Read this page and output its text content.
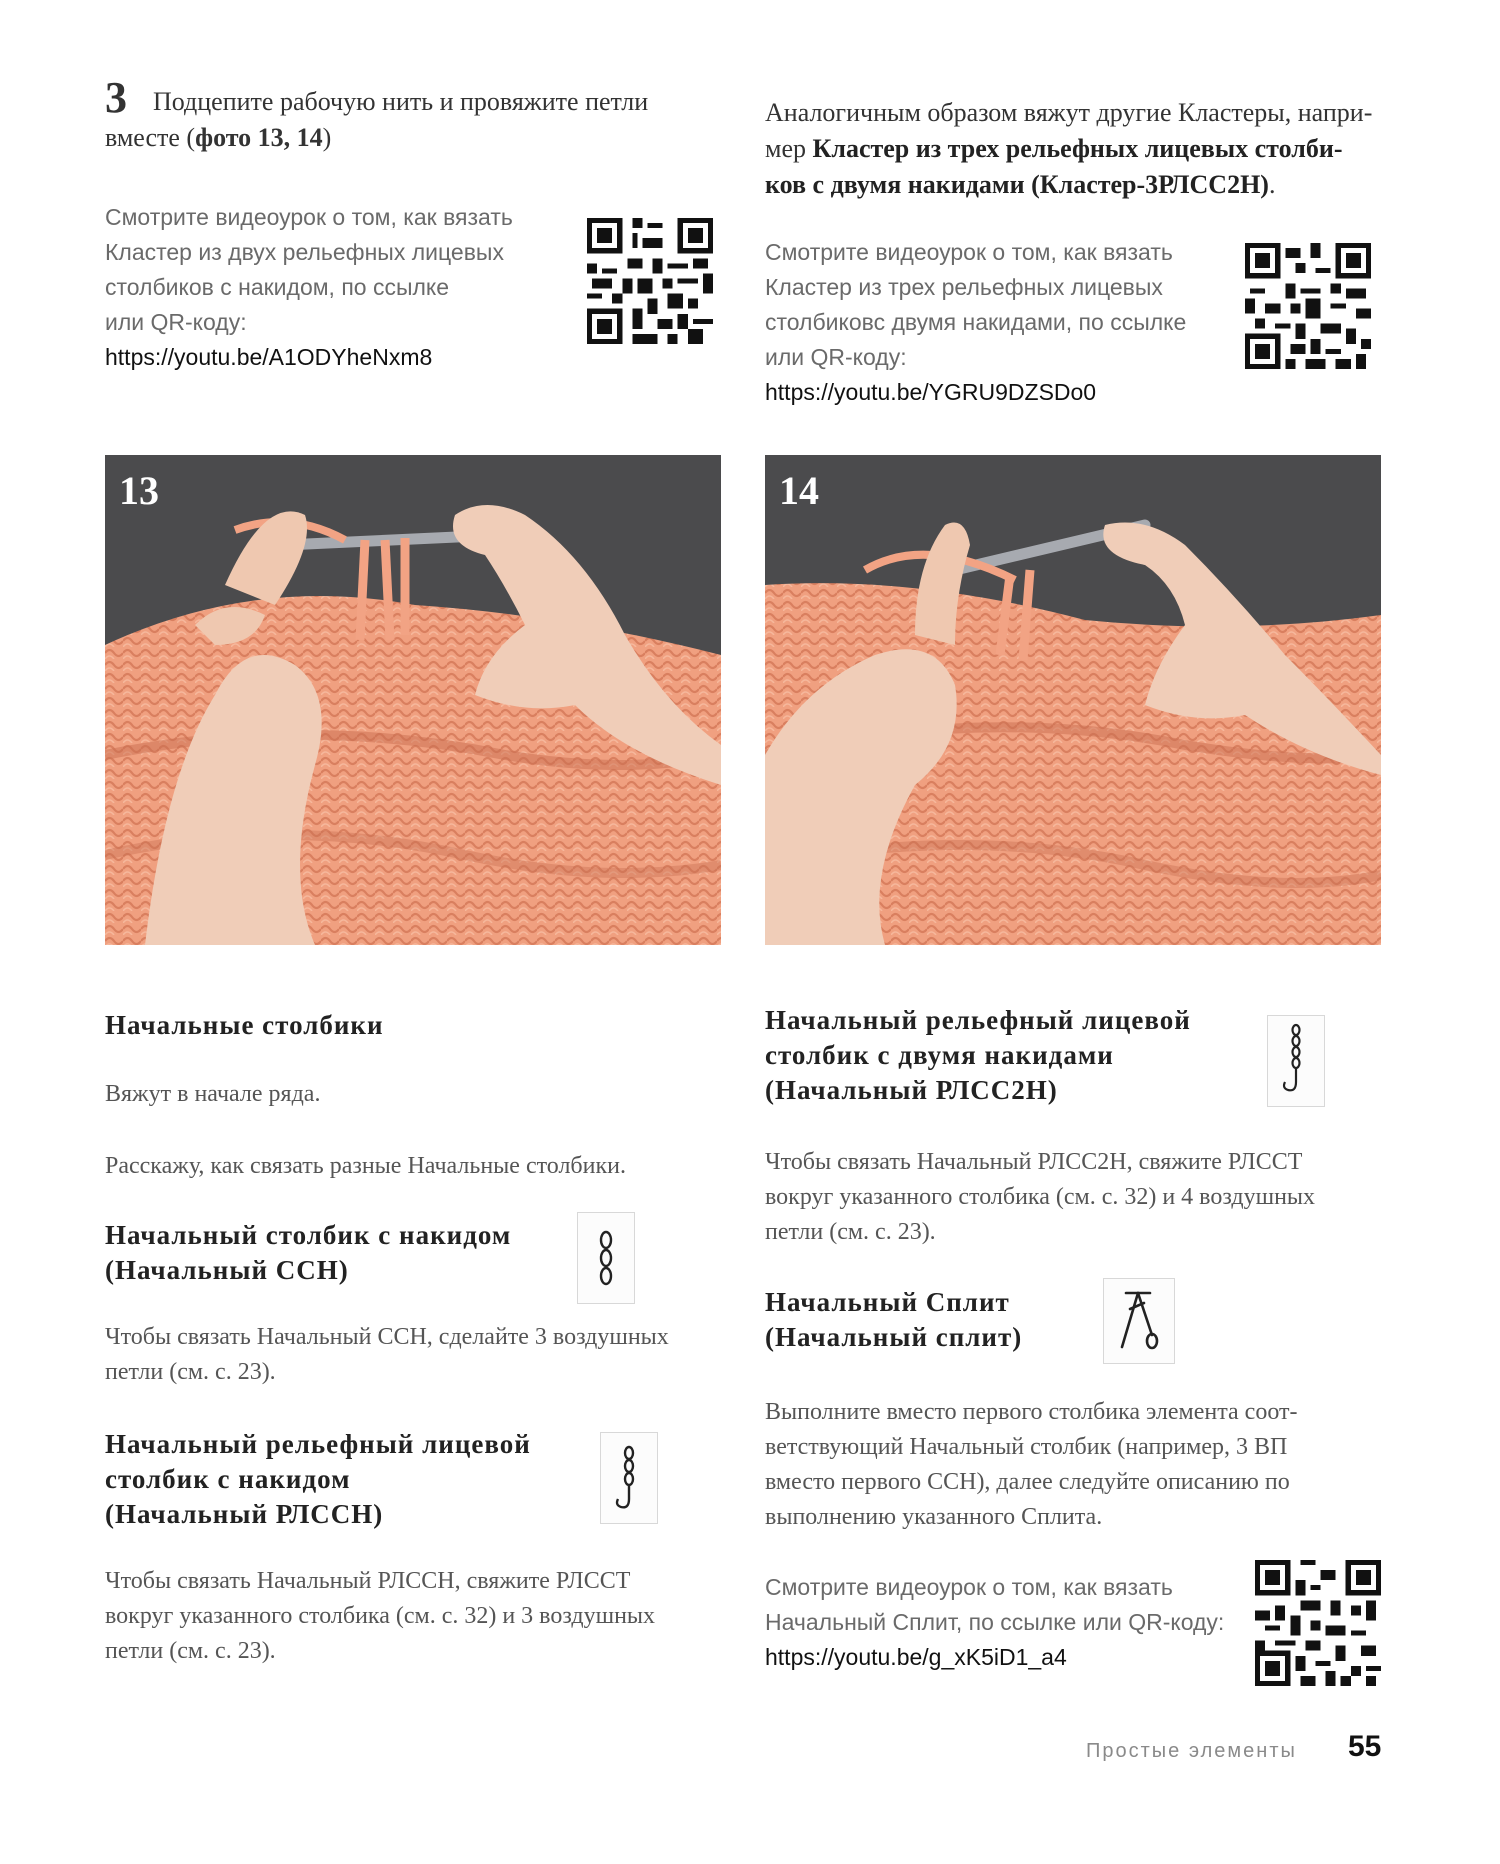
3 Подцепите рабочую нить и провяжите петли вместе (фото 13, 14)
Смотрите видеоурок о том, как вязать
Кластер из двух рельефных лицевых
столбиков с накидом, по ссылке
или QR-коду:
https://youtu.be/A1ODYheNxm8
13
Начальные столбики
Вяжут в начале ряда.
Расскажу, как связать разные Начальные столбики.
Начальный столбик с накидом
(Начальный ССН)
Чтобы связать Начальный ССН, сделайте 3 воздушных
петли (см. с. 23).
Начальный рельефный лицевой
столбик с накидом
(Начальный РЛССН)
Чтобы связать Начальный РЛССН, свяжите РЛССТ
вокруг указанного столбика (см. с. 32) и 3 воздушных
петли (см. с. 23).
Аналогичным образом вяжут другие Кластеры, напри-
мер Кластер из трех рельефных лицевых столби-
ков с двумя накидами (Кластер-3РЛСС2Н).
Смотрите видеоурок о том, как вязать
Кластер из трех рельефных лицевых
столбиковс двумя накидами, по ссылке
или QR-коду:
https://youtu.be/YGRU9DZSDo0
14
Начальный рельефный лицевой
столбик с двумя накидами
(Начальный РЛСС2Н)
Чтобы связать Начальный РЛСС2Н, свяжите РЛССТ
вокруг указанного столбика (см. с. 32) и 4 воздушных
петли (см. с. 23).
Начальный Сплит
(Начальный сплит)
Выполните вместо первого столбика элемента соот-
ветствующий Начальный столбик (например, 3 ВП
вместо первого ССН), далее следуйте описанию по
выполнению указанного Сплита.
Смотрите видеоурок о том, как вязать
Начальный Сплит, по ссылке или QR-коду:
https://youtu.be/g_xK5iD1_a4
Простые элементы 55
